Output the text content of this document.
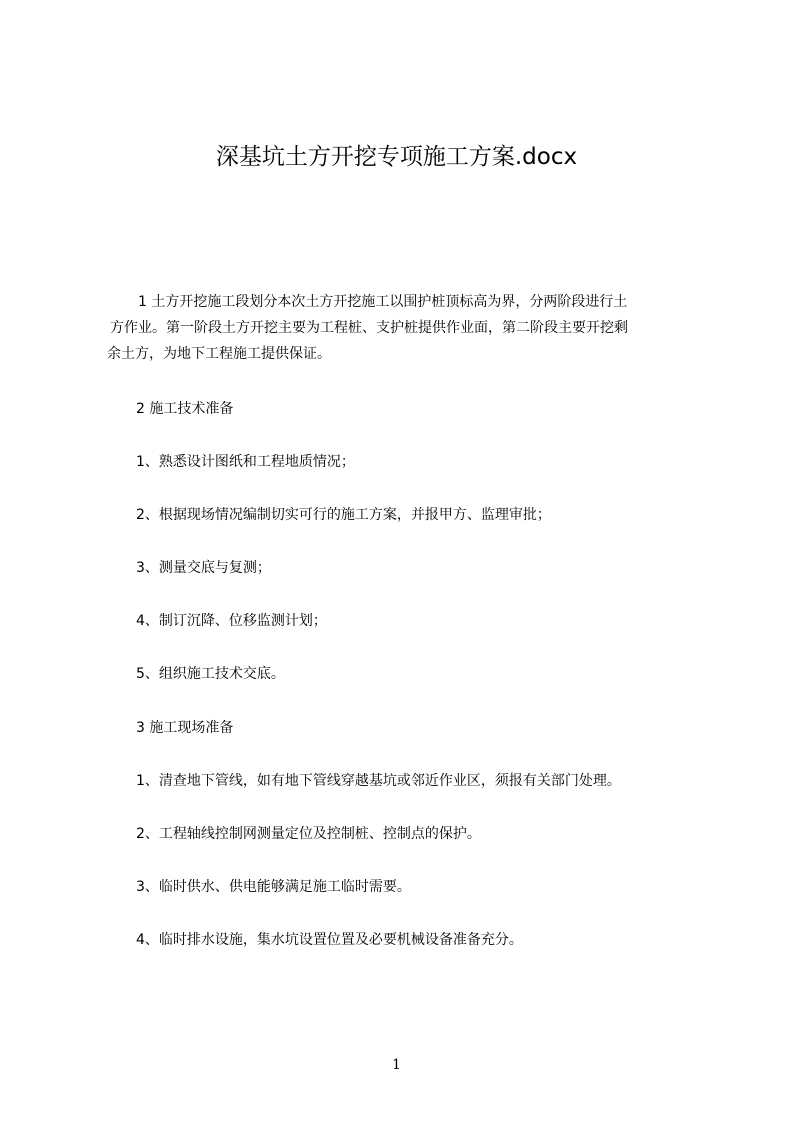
深基坑土方开挖专项施工方案.docx
1 土方开挖施工段划分本次土方开挖施工以围护桩顶标高为界，分两阶段进行土
方作业。第一阶段土方开挖主要为工程桩、支护桩提供作业面，第二阶段主要开挖剩
余土方，为地下工程施工提供保证。
2 施工技术准备
1、熟悉设计图纸和工程地质情况；
2、根据现场情况编制切实可行的施工方案，并报甲方、监理审批；
3、测量交底与复测；
4、制订沉降、位移监测计划；
5、组织施工技术交底。
3 施工现场准备
1、清查地下管线，如有地下管线穿越基坑或邻近作业区，须报有关部门处理。
2、工程轴线控制网测量定位及控制桩、控制点的保护。
3、临时供水、供电能够满足施工临时需要。
4、临时排水设施，集水坑设置位置及必要机械设备准备充分。
1
